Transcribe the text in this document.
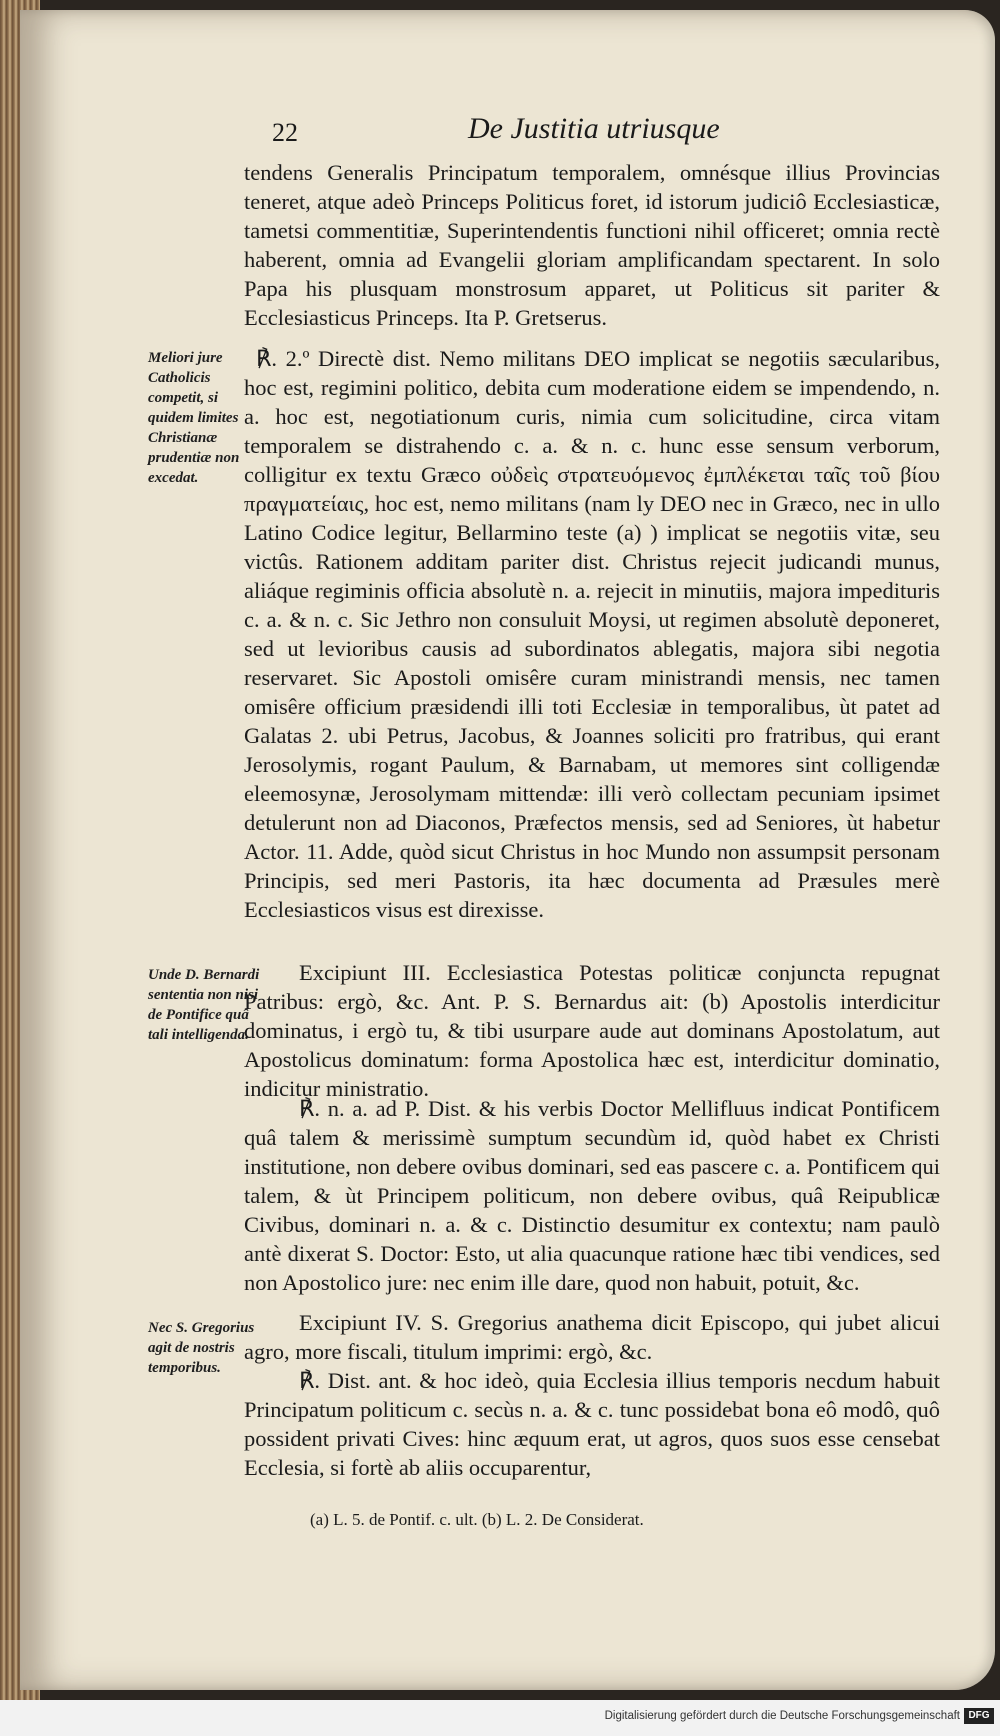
22	De Justitia utriusque
Meliori jure Catholicis competit, si quidem limites Christianæ prudentiæ non excedat.
Unde D. Bernardi sententia non nisi de Pontifice quâ tali intelligenda.
Nec S. Gregorius agit de nostris temporibus.

tendens Generalis Principatum temporalem, omnésque illius Provincias teneret, atque adeò Princeps Politicus foret, id istorum judiciô Ecclesiasticæ, tametsi commentitiæ, Superintendentis functioni nihil officeret; omnia rectè haberent, omnia ad Evangelii gloriam amplificandam spectarent. In solo Papa his plusquam monstrosum apparet, ut Politicus sit pariter & Ecclesiasticus Princeps. Ita P. Gretserus.

℟. 2.º Directè dist. Nemo militans DEO implicat se negotiis sæcularibus, hoc est, regimini politico, debita cum moderatione eidem se impendendo, n. a. hoc est, negotiationum curis, nimia cum solicitudine, circa vitam temporalem se distrahendo c. a. & n. c. hunc esse sensum verborum, colligitur ex textu Græco οὐδεὶς στρατευόμενος ἐμπλέκεται ταῖς τοῦ βίου πραγματείαις, hoc est, nemo militans (nam ly DEO nec in Græco, nec in ullo Latino Codice legitur, Bellarmino teste (a) ) implicat se negotiis vitæ, seu victûs. Rationem additam pariter dist. Christus rejecit judicandi munus, aliáque regiminis officia absolutè n. a. rejecit in minutiis, majora impedituris c. a. & n. c. Sic Jethro non consuluit Moysi, ut regimen absolutè deponeret, sed ut levioribus causis ad subordinatos ablegatis, majora sibi negotia reservaret. Sic Apostoli omisêre curam ministrandi mensis, nec tamen omisêre officium præsidendi illi toti Ecclesiæ in temporalibus, ùt patet ad Galatas 2. ubi Petrus, Jacobus, & Joannes soliciti pro fratribus, qui erant Jerosolymis, rogant Paulum, & Barnabam, ut memores sint colligendæ eleemosynæ, Jerosolymam mittendæ: illi verò collectam pecuniam ipsimet detulerunt non ad Diaconos, Præfectos mensis, sed ad Seniores, ùt habetur Actor. 11. Adde, quòd sicut Christus in hoc Mundo non assumpsit personam Principis, sed meri Pastoris, ita hæc documenta ad Præsules merè Ecclesiasticos visus est direxisse.

Excipiunt III. Ecclesiastica Potestas politicæ conjuncta repugnat Patribus: ergò, &c. Ant. P. S. Bernardus ait: (b) Apostolis interdicitur dominatus, i ergò tu, & tibi usurpare aude aut dominans Apostolatum, aut Apostolicus dominatum: forma Apostolica hæc est, interdicitur dominatio, indicitur ministratio.

℟. n. a. ad P. Dist. & his verbis Doctor Mellifluus indicat Pontificem quâ talem & merissimè sumptum secundùm id, quòd habet ex Christi institutione, non debere ovibus dominari, sed eas pascere c. a. Pontificem qui talem, & ùt Principem politicum, non debere ovibus, quâ Reipublicæ Civibus, dominari n. a. & c. Distinctio desumitur ex contextu; nam paulò antè dixerat S. Doctor: Esto, ut alia quacunque ratione hæc tibi vendices, sed non Apostolico jure: nec enim ille dare, quod non habuit, potuit, &c.

Excipiunt IV. S. Gregorius anathema dicit Episcopo, qui jubet alicui agro, more fiscali, titulum imprimi: ergò, &c.

℟. Dist. ant. & hoc ideò, quia Ecclesia illius temporis necdum habuit Principatum politicum c. secùs n. a. & c. tunc possidebat bona eô modô, quô possident privati Cives: hinc æquum erat, ut agros, quos suos esse censebat Ecclesia, si fortè ab aliis occuparentur,

(a) L. 5. de Pontif. c. ult. (b) L. 2. De Considerat.
Digitalisierung gefördert durch die Deutsche Forschungsgemeinschaft DFG
